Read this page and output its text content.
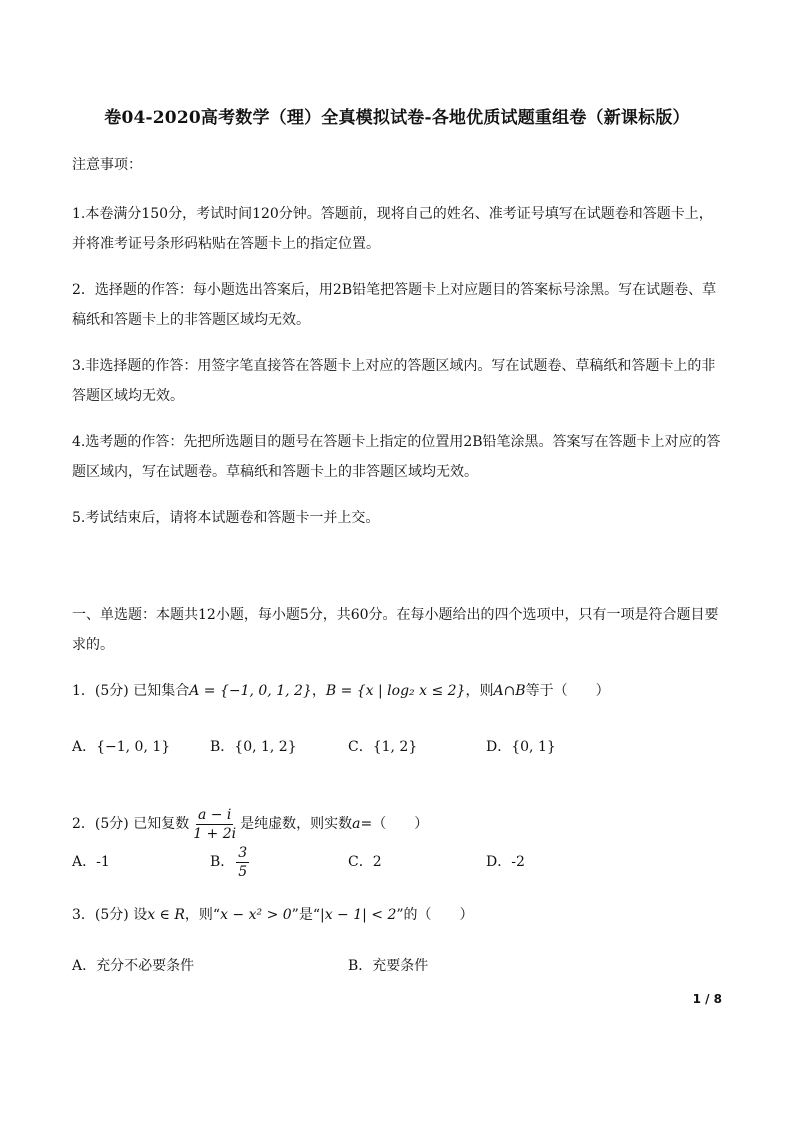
卷04-2020高考数学（理）全真模拟试卷-各地优质试题重组卷（新课标版）

注意事项：

1.本卷满分150分，考试时间120分钟。答题前，现将自己的姓名、准考证号填写在试题卷和答题卡上，并将准考证号条形码粘贴在答题卡上的指定位置。

2．选择题的作答：每小题选出答案后，用2B铅笔把答题卡上对应题目的答案标号涂黑。写在试题卷、草稿纸和答题卡上的非答题区域均无效。

3.非选择题的作答：用签字笔直接答在答题卡上对应的答题区域内。写在试题卷、草稿纸和答题卡上的非答题区域均无效。

4.选考题的作答：先把所选题目的题号在答题卡上指定的位置用2B铅笔涂黑。答案写在答题卡上对应的答题区域内，写在试题卷。草稿纸和答题卡上的非答题区域均无效。

5.考试结束后，请将本试题卷和答题卡一并上交。

一、单选题：本题共12小题，每小题5分，共60分。在每小题给出的四个选项中，只有一项是符合题目要求的。

1．(5分) 已知集合A = {−1, 0, 1, 2}，B = {x | log₂ x ≤ 2}，则A∩B等于（　　）
A．{−1, 0, 1}	B．{0, 1, 2}	C．{1, 2}	D．{0, 1}
2．(5分) 已知复数 $\frac{a - i}{1 + 2i}$ 是纯虚数，则实数a=（　　）
A．-1	B． $\frac{3}{5}$	C．2	D．-2
3．(5分) 设x ∈ R，则“x − x² > 0”是“|x − 1| < 2”的（　　）
A．充分不必要条件	B．充要条件
1 / 8
